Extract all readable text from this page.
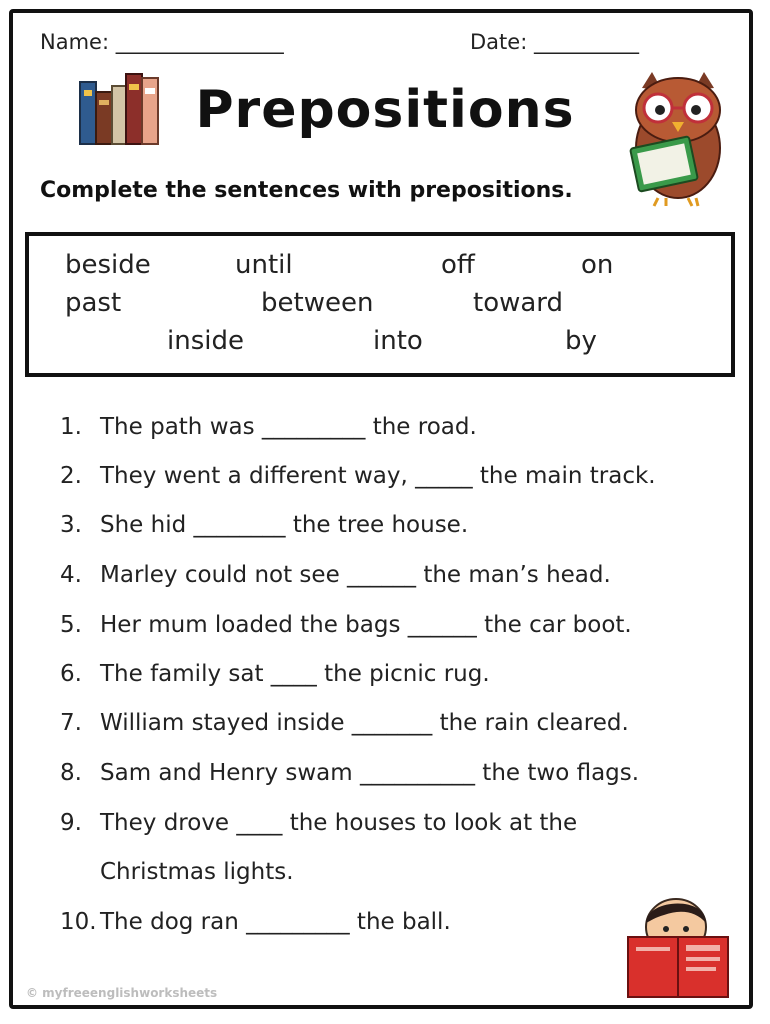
Name: ________________	Date: __________
Prepositions
Complete the sentences with prepositions.
beside	until	off	on
past	between	toward
inside	into	by
1. The path was _________ the road.
2. They went a different way, _____ the main track.
3. She hid ________ the tree house.
4. Marley could not see ______ the man’s head.
5. Her mum loaded the bags ______ the car boot.
6. The family sat ____ the picnic rug.
7. William stayed inside _______ the rain cleared.
8. Sam and Henry swam __________ the two flags.
9. They drove ____ the houses to look at the
Christmas lights.
10. The dog ran _________ the ball.
© myfreeenglishworksheets
